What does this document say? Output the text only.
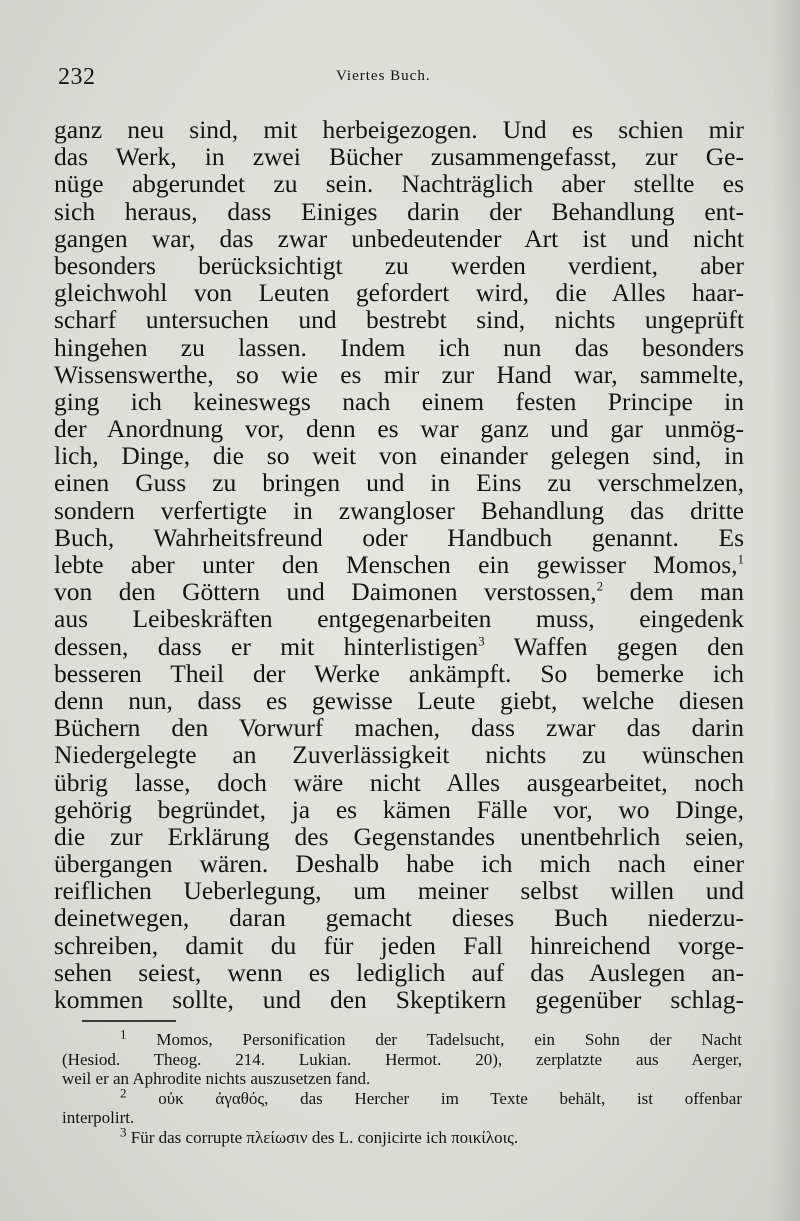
232	Viertes Buch.
ganz neu sind, mit herbeigezogen. Und es schien mir
das Werk, in zwei Bücher zusammengefasst, zur Ge-
nüge abgerundet zu sein. Nachträglich aber stellte es
sich heraus, dass Einiges darin der Behandlung ent-
gangen war, das zwar unbedeutender Art ist und nicht
besonders berücksichtigt zu werden verdient, aber
gleichwohl von Leuten gefordert wird, die Alles haar-
scharf untersuchen und bestrebt sind, nichts ungeprüft
hingehen zu lassen. Indem ich nun das besonders
Wissenswerthe, so wie es mir zur Hand war, sammelte,
ging ich keineswegs nach einem festen Principe in
der Anordnung vor, denn es war ganz und gar unmög-
lich, Dinge, die so weit von einander gelegen sind, in
einen Guss zu bringen und in Eins zu verschmelzen,
sondern verfertigte in zwangloser Behandlung das dritte
Buch, Wahrheitsfreund oder Handbuch genannt. Es
lebte aber unter den Menschen ein gewisser Momos,$^1$
von den Göttern und Daimonen verstossen,$^2$ dem man
aus Leibeskräften entgegenarbeiten muss, eingedenk
dessen, dass er mit hinterlistigen$^3$ Waffen gegen den
besseren Theil der Werke ankämpft. So bemerke ich
denn nun, dass es gewisse Leute giebt, welche diesen
Büchern den Vorwurf machen, dass zwar das darin
Niedergelegte an Zuverlässigkeit nichts zu wünschen
übrig lasse, doch wäre nicht Alles ausgearbeitet, noch
gehörig begründet, ja es kämen Fälle vor, wo Dinge,
die zur Erklärung des Gegenstandes unentbehrlich seien,
übergangen wären. Deshalb habe ich mich nach einer
reiflichen Ueberlegung, um meiner selbst willen und
deinetwegen, daran gemacht dieses Buch niederzu-
schreiben, damit du für jeden Fall hinreichend vorge-
sehen seiest, wenn es lediglich auf das Auslegen an-
kommen sollte, und den Skeptikern gegenüber schlag-
$^1$ Momos, Personification der Tadelsucht, ein Sohn der Nacht
(Hesiod. Theog. 214. Lukian. Hermot. 20), zerplatzte aus Aerger,
weil er an Aphrodite nichts auszusetzen fand.
$^2$ οὐκ ἀγαθός, das Hercher im Texte behält, ist offenbar
interpolirt.
$^3$ Für das corrupte πλείωσιν des L. conjicirte ich ποικίλοις.
